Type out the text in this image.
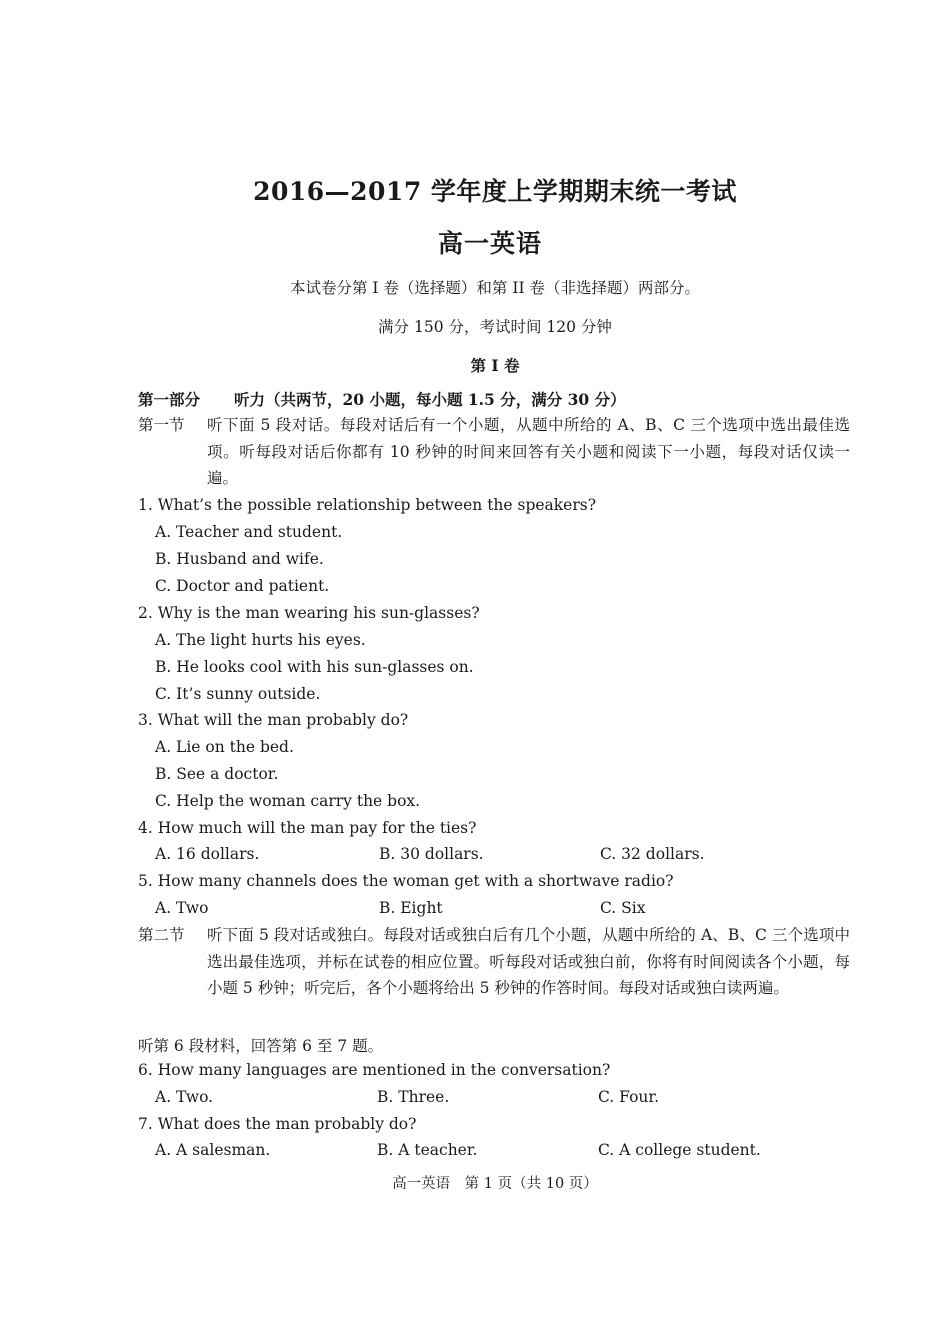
2016—2017 学年度上学期期末统一考试
高一英语
本试卷分第 I 卷（选择题）和第 II 卷（非选择题）两部分。
满分 150 分，考试时间 120 分钟
第 I 卷
第一部分 听力（共两节，20 小题，每小题 1.5 分，满分 30 分）
第一节 听下面 5 段对话。每段对话后有一个小题，从题中所给的 A、B、C 三个选项中选出最佳选项。听每段对话后你都有 10 秒钟的时间来回答有关小题和阅读下一小题，每段对话仅读一遍。
1. What’s the possible relationship between the speakers?
A. Teacher and student.
B. Husband and wife.
C. Doctor and patient.
2. Why is the man wearing his sun-glasses?
A. The light hurts his eyes.
B. He looks cool with his sun-glasses on.
C. It’s sunny outside.
3. What will the man probably do?
A. Lie on the bed.
B. See a doctor.
C. Help the woman carry the box.
4. How much will the man pay for the ties?
A. 16 dollars.	B. 30 dollars.	C. 32 dollars.
5. How many channels does the woman get with a shortwave radio?
A. Two	B. Eight	C. Six
第二节 听下面 5 段对话或独白。每段对话或独白后有几个小题，从题中所给的 A、B、C 三个选项中选出最佳选项，并标在试卷的相应位置。听每段对话或独白前，你将有时间阅读各个小题，每小题 5 秒钟；听完后，各个小题将给出 5 秒钟的作答时间。每段对话或独白读两遍。
听第 6 段材料，回答第 6 至 7 题。
6. How many languages are mentioned in the conversation?
A. Two.	B. Three.	C. Four.
7. What does the man probably do?
A. A salesman.	B. A teacher.	C. A college student.
高一英语　第 1 页（共 10 页）
